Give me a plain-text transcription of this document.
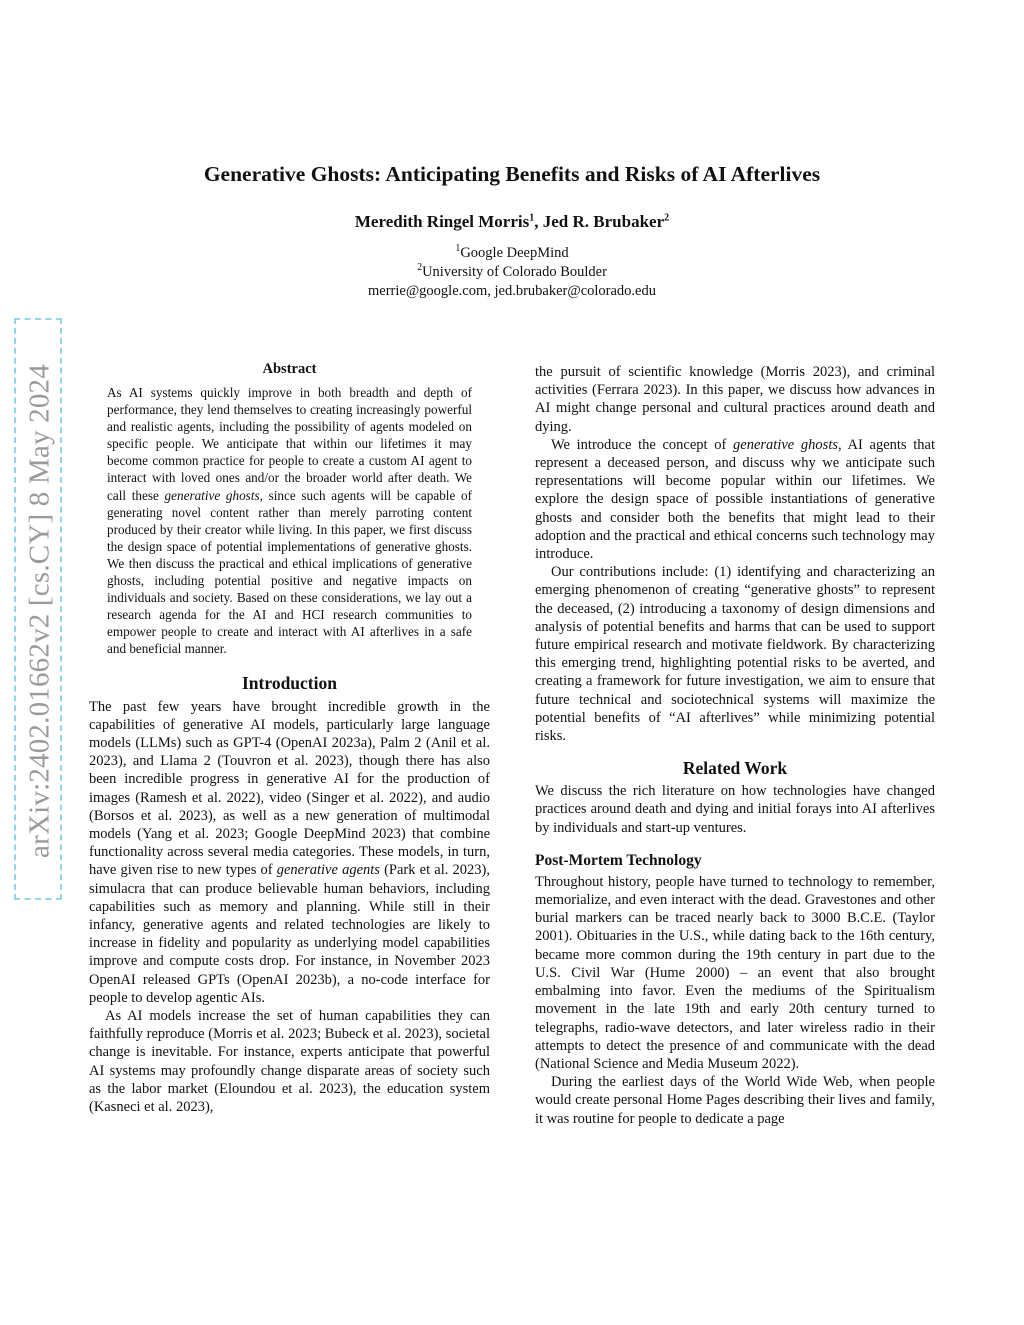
Generative Ghosts: Anticipating Benefits and Risks of AI Afterlives
Meredith Ringel Morris$^1$, Jed R. Brubaker$^2$
$^1$Google DeepMind
$^2$University of Colorado Boulder
merrie@google.com, jed.brubaker@colorado.edu
arXiv:2402.01662v2 [cs.CY] 8 May 2024	Abstract
As AI systems quickly improve in both breadth and depth of performance, they lend themselves to creating increasingly powerful and realistic agents, including the possibility of agents modeled on specific people. We anticipate that within our lifetimes it may become common practice for people to create a custom AI agent to interact with loved ones and/or the broader world after death. We call these generative ghosts, since such agents will be capable of generating novel content rather than merely parroting content produced by their creator while living. In this paper, we first discuss the design space of potential implementations of generative ghosts. We then discuss the practical and ethical implications of generative ghosts, including potential positive and negative impacts on individuals and society. Based on these considerations, we lay out a research agenda for the AI and HCI research communities to empower people to create and interact with AI afterlives in a safe and beneficial manner.
Introduction

The past few years have brought incredible growth in the capabilities of generative AI models, particularly large language models (LLMs) such as GPT-4 (OpenAI 2023a), Palm 2 (Anil et al. 2023), and Llama 2 (Touvron et al. 2023), though there has also been incredible progress in generative AI for the production of images (Ramesh et al. 2022), video (Singer et al. 2022), and audio (Borsos et al. 2023), as well as a new generation of multimodal models (Yang et al. 2023; Google DeepMind 2023) that combine functionality across several media categories. These models, in turn, have given rise to new types of generative agents (Park et al. 2023), simulacra that can produce believable human behaviors, including capabilities such as memory and planning. While still in their infancy, generative agents and related technologies are likely to increase in fidelity and popularity as underlying model capabilities improve and compute costs drop. For instance, in November 2023 OpenAI released GPTs (OpenAI 2023b), a no-code interface for people to develop agentic AIs.

As AI models increase the set of human capabilities they can faithfully reproduce (Morris et al. 2023; Bubeck et al. 2023), societal change is inevitable. For instance, experts anticipate that powerful AI systems may profoundly change disparate areas of society such as the labor market (Eloundou et al. 2023), the education system (Kasneci et al. 2023),

the pursuit of scientific knowledge (Morris 2023), and criminal activities (Ferrara 2023). In this paper, we discuss how advances in AI might change personal and cultural practices around death and dying.

We introduce the concept of generative ghosts, AI agents that represent a deceased person, and discuss why we anticipate such representations will become popular within our lifetimes. We explore the design space of possible instantiations of generative ghosts and consider both the benefits that might lead to their adoption and the practical and ethical concerns such technology may introduce.

Our contributions include: (1) identifying and characterizing an emerging phenomenon of creating “generative ghosts” to represent the deceased, (2) introducing a taxonomy of design dimensions and analysis of potential benefits and harms that can be used to support future empirical research and motivate fieldwork. By characterizing this emerging trend, highlighting potential risks to be averted, and creating a framework for future investigation, we aim to ensure that future technical and sociotechnical systems will maximize the potential benefits of “AI afterlives” while minimizing potential risks.

Related Work

We discuss the rich literature on how technologies have changed practices around death and dying and initial forays into AI afterlives by individuals and start-up ventures.

Post-Mortem Technology

Throughout history, people have turned to technology to remember, memorialize, and even interact with the dead. Gravestones and other burial markers can be traced nearly back to 3000 B.C.E. (Taylor 2001). Obituaries in the U.S., while dating back to the 16th century, became more common during the 19th century in part due to the U.S. Civil War (Hume 2000) – an event that also brought embalming into favor. Even the mediums of the Spiritualism movement in the late 19th and early 20th century turned to telegraphs, radio-wave detectors, and later wireless radio in their attempts to detect the presence of and communicate with the dead (National Science and Media Museum 2022).

During the earliest days of the World Wide Web, when people would create personal Home Pages describing their lives and family, it was routine for people to dedicate a page
